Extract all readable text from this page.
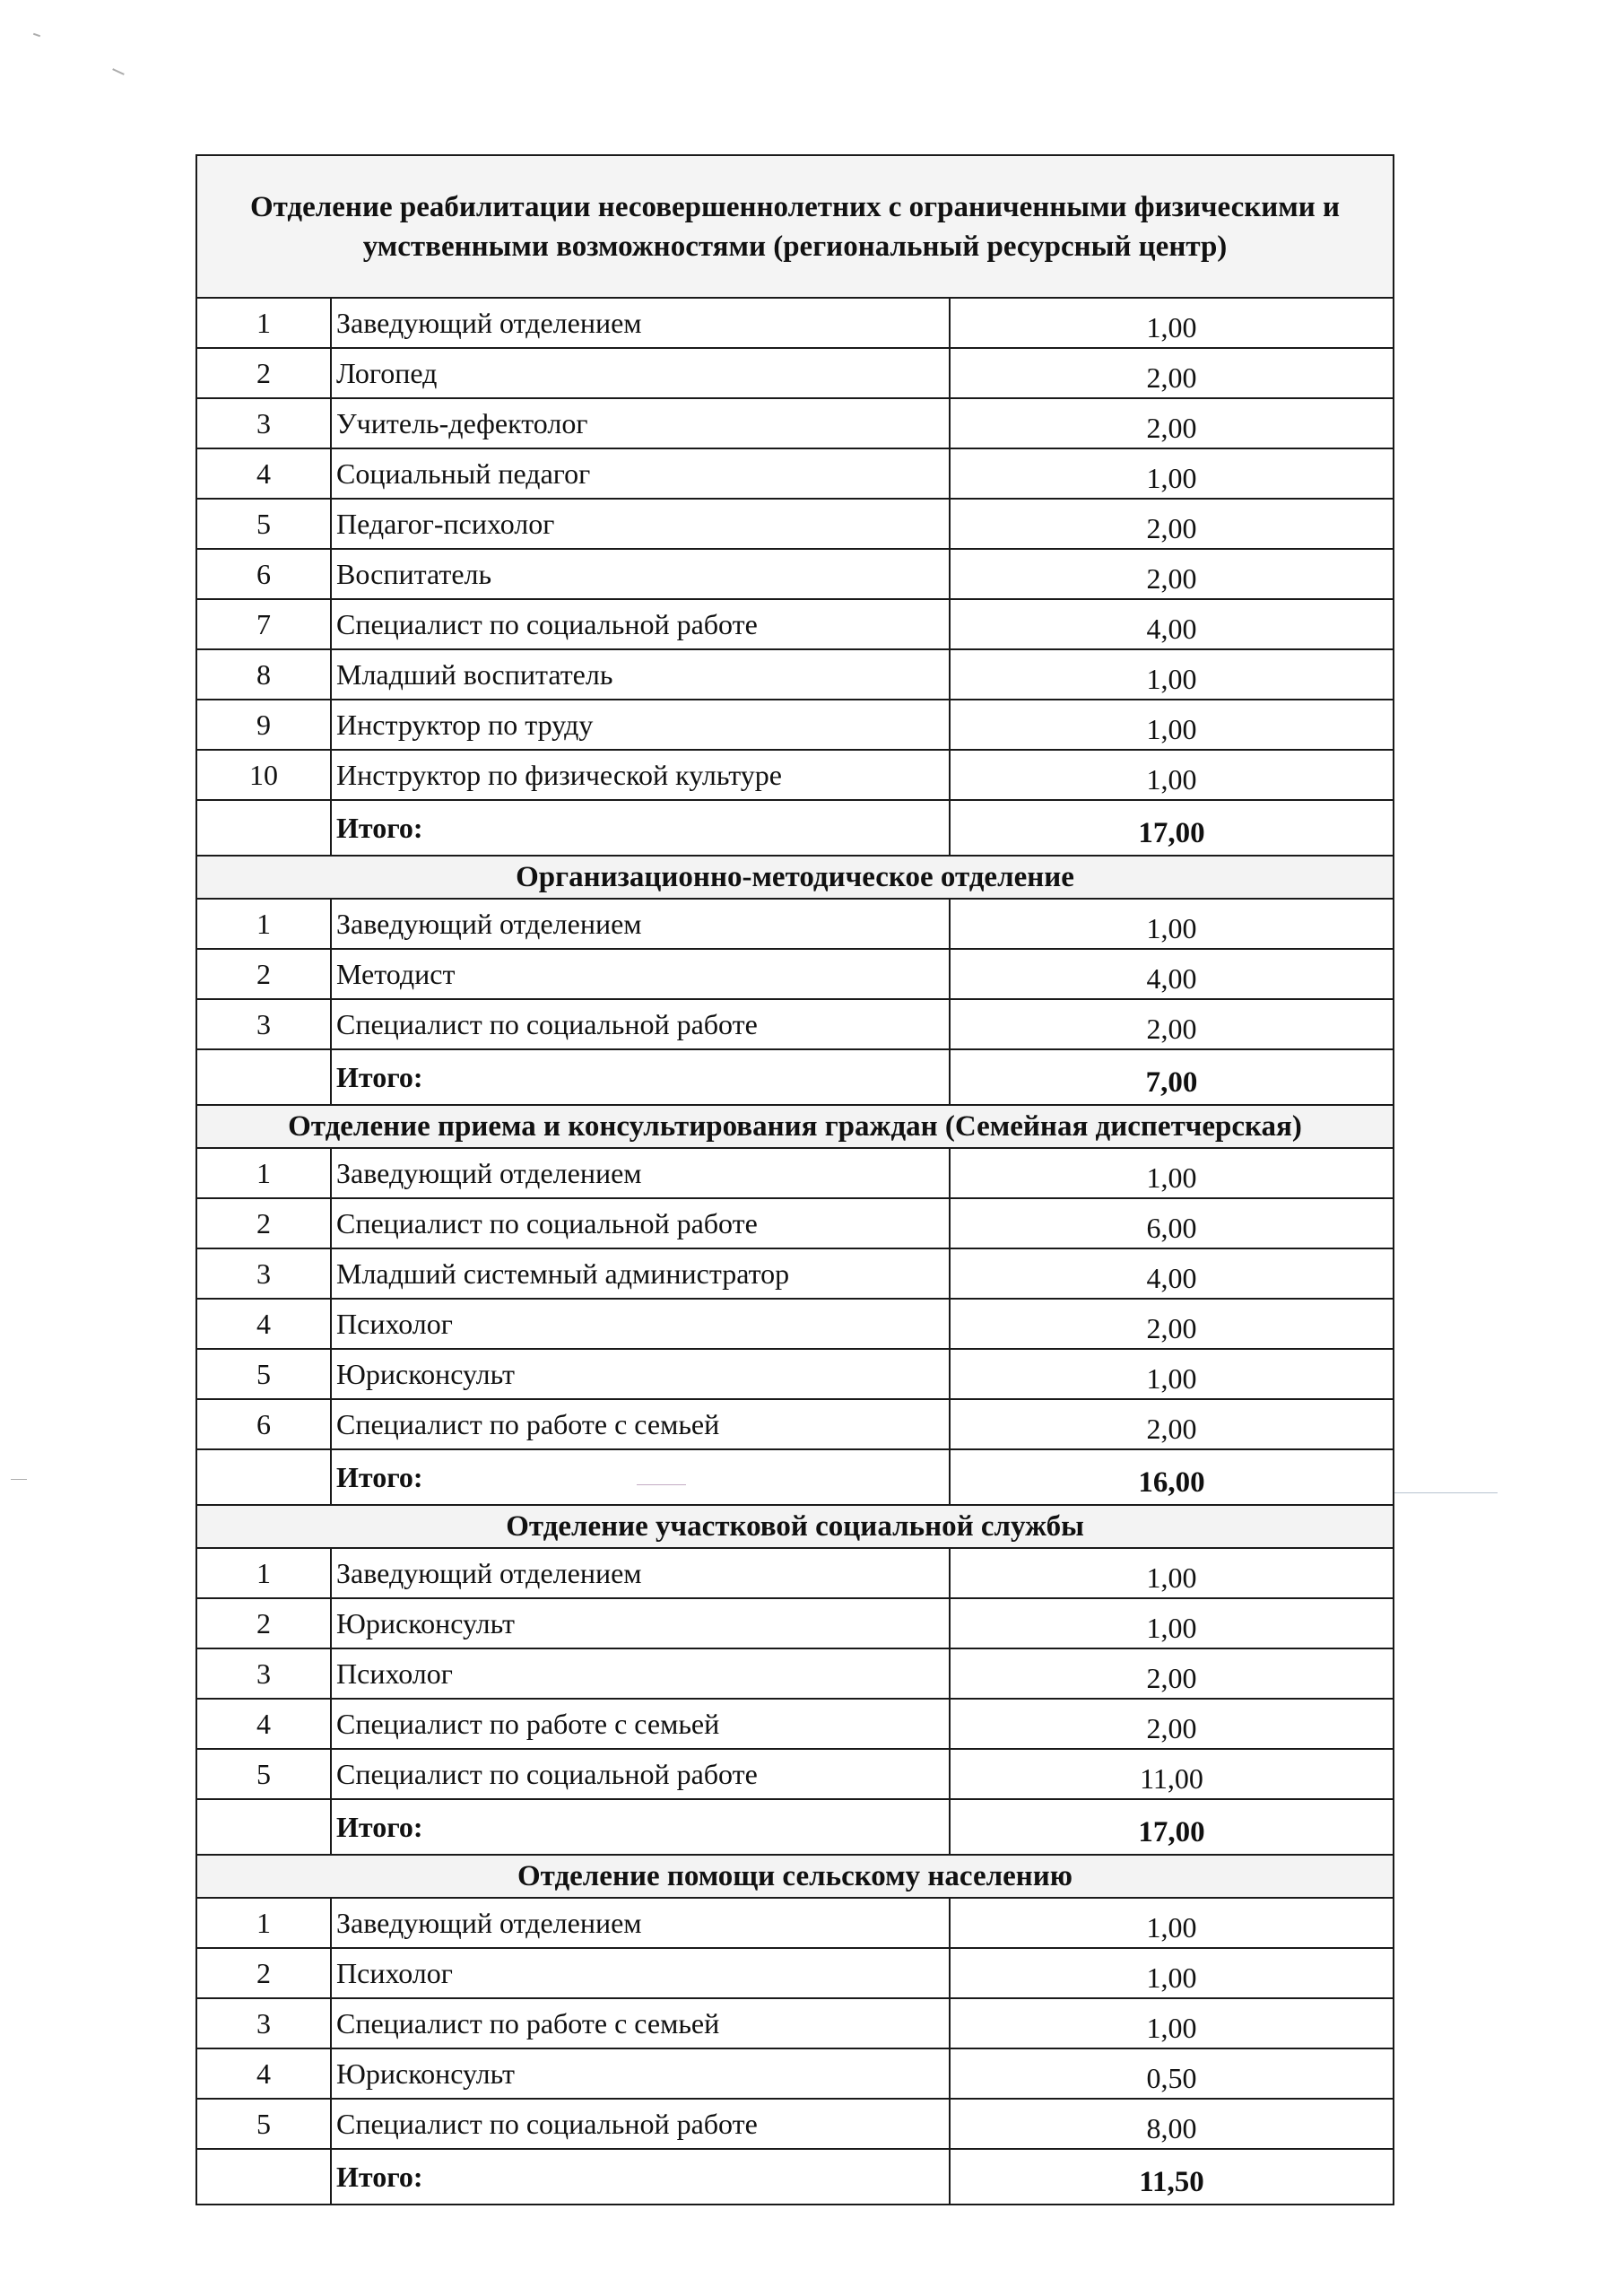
Отделение реабилитации несовершеннолетних с ограниченными физическими и умственными возможностями (региональный ресурсный центр)		
1	Заведующий отделением	1,00
2	Логопед	2,00
3	Учитель-дефектолог	2,00
4	Социальный педагог	1,00
5	Педагог-психолог	2,00
6	Воспитатель	2,00
7	Специалист по социальной работе	4,00
8	Младший воспитатель	1,00
9	Инструктор по труду	1,00
10	Инструктор по физической культуре	1,00
	Итого:	17,00
Организационно-методическое отделение		
1	Заведующий отделением	1,00
2	Методист	4,00
3	Специалист по социальной работе	2,00
	Итого:	7,00
Отделение приема и консультирования граждан (Семейная диспетчерская)		
1	Заведующий отделением	1,00
2	Специалист по социальной работе	6,00
3	Младший системный администратор	4,00
4	Психолог	2,00
5	Юрисконсульт	1,00
6	Специалист по работе с семьей	2,00
	Итого:	16,00
Отделение участковой социальной службы		
1	Заведующий отделением	1,00
2	Юрисконсульт	1,00
3	Психолог	2,00
4	Специалист по работе с семьей	2,00
5	Специалист по социальной работе	11,00
	Итого:	17,00
Отделение помощи сельскому населению		
1	Заведующий отделением	1,00
2	Психолог	1,00
3	Специалист по работе с семьей	1,00
4	Юрисконсульт	0,50
5	Специалист по социальной работе	8,00
	Итого:	11,50
